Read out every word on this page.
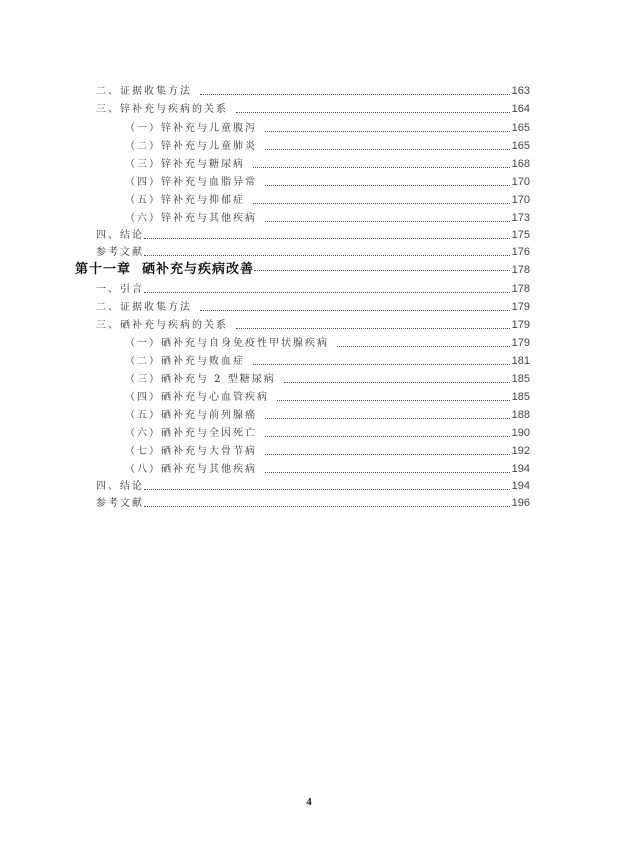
二、证据收集方法	163
三、锌补充与疾病的关系	164
（一）锌补充与儿童腹泻	165
（二）锌补充与儿童肺炎	165
（三）锌补充与糖尿病	168
（四）锌补充与血脂异常	170
（五）锌补充与抑郁症	170
（六）锌补充与其他疾病	173
四、结论	175
参考文献	176
第十一章  硒补充与疾病改善	178
一、引言	178
二、证据收集方法	179
三、硒补充与疾病的关系	179
（一）硒补充与自身免疫性甲状腺疾病	179
（二）硒补充与败血症	181
（三）硒补充与 2 型糖尿病	185
（四）硒补充与心血管疾病	185
（五）硒补充与前列腺癌	188
（六）硒补充与全因死亡	190
（七）硒补充与大骨节病	192
（八）硒补充与其他疾病	194
四、结论	194
参考文献	196
4
